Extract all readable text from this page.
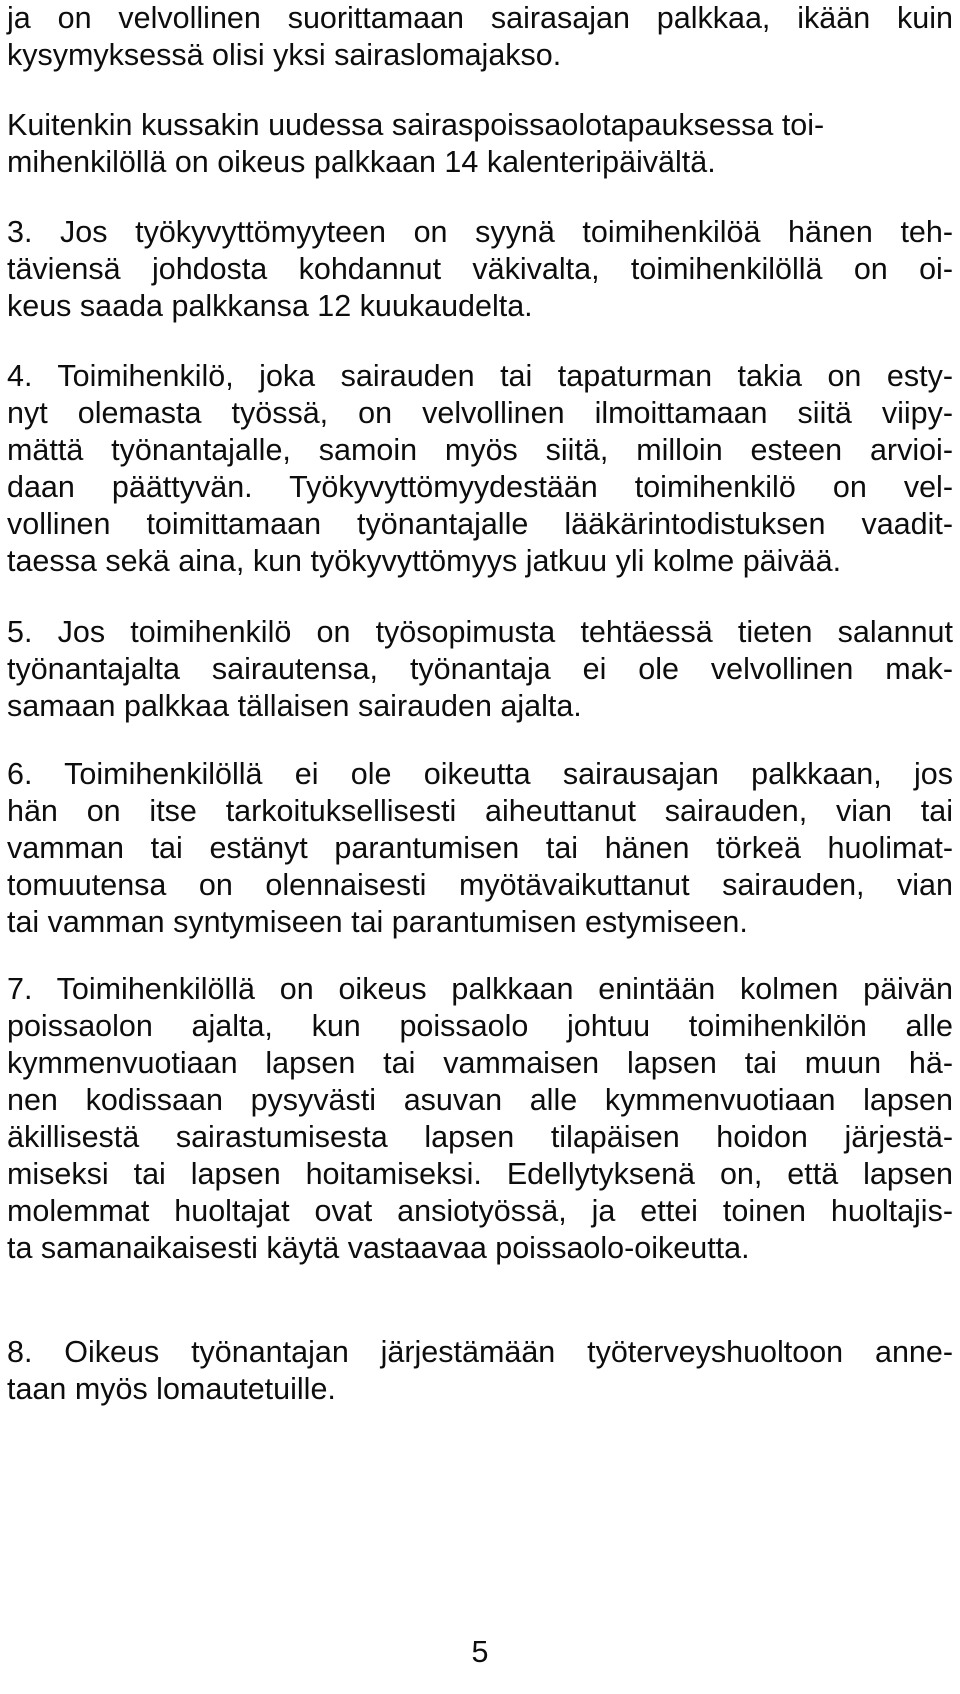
ja on velvollinen suorittamaan sairasajan palkkaa, ikään kuin
kysymyksessä olisi yksi sairaslomajakso.

Kuitenkin kussakin uudessa sairaspoissaolotapauksessa toi-
mihenkilöllä on oikeus palkkaan 14 kalenteripäivältä.

3. Jos työkyvyttömyyteen on syynä toimihenkilöä hänen teh-
täviensä johdosta kohdannut väkivalta, toimihenkilöllä on oi-
keus saada palkkansa 12 kuukaudelta.

4. Toimihenkilö, joka sairauden tai tapaturman takia on esty-
nyt olemasta työssä, on velvollinen ilmoittamaan siitä viipy-
mättä työnantajalle, samoin myös siitä, milloin esteen arvioi-
daan päättyvän. Työkyvyttömyydestään toimihenkilö on vel-
vollinen toimittamaan työnantajalle lääkärintodistuksen vaadit-
taessa sekä aina, kun työkyvyttömyys jatkuu yli kolme päivää.

5. Jos toimihenkilö on työsopimusta tehtäessä tieten salannut
työnantajalta sairautensa, työnantaja ei ole velvollinen mak-
samaan palkkaa tällaisen sairauden ajalta.

6. Toimihenkilöllä ei ole oikeutta sairausajan palkkaan, jos
hän on itse tarkoituksellisesti aiheuttanut sairauden, vian tai
vamman tai estänyt parantumisen tai hänen törkeä huolimat-
tomuutensa on olennaisesti myötävaikuttanut sairauden, vian
tai vamman syntymiseen tai parantumisen estymiseen.

7. Toimihenkilöllä on oikeus palkkaan enintään kolmen päivän
poissaolon ajalta, kun poissaolo johtuu toimihenkilön alle
kymmenvuotiaan lapsen tai vammaisen lapsen tai muun hä-
nen kodissaan pysyvästi asuvan alle kymmenvuotiaan lapsen
äkillisestä sairastumisesta lapsen tilapäisen hoidon järjestä-
miseksi tai lapsen hoitamiseksi. Edellytyksenä on, että lapsen
molemmat huoltajat ovat ansiotyössä, ja ettei toinen huoltajis-
ta samanaikaisesti käytä vastaavaa poissaolo-oikeutta.

8. Oikeus työnantajan järjestämään työterveyshuoltoon anne-
taan myös lomautetuille.

5
